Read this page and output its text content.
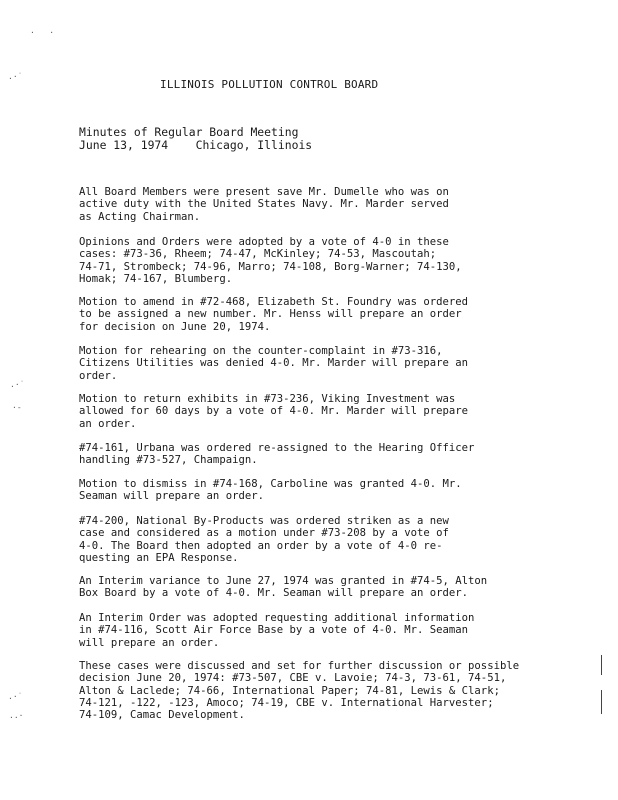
·   ·
.·˙
.·˙
·-
.·˙
..·
ILLINOIS POLLUTION CONTROL BOARD
Minutes of Regular Board Meeting
June 13, 1974    Chicago, Illinois
All Board Members were present save Mr. Dumelle who was on
active duty with the United States Navy. Mr. Marder served
as Acting Chairman.
Opinions and Orders were adopted by a vote of 4-0 in these
cases: #73-36, Rheem; 74-47, McKinley; 74-53, Mascoutah;
74-71, Strombeck; 74-96, Marro; 74-108, Borg-Warner; 74-130,
Homak; 74-167, Blumberg.
Motion to amend in #72-468, Elizabeth St. Foundry was ordered
to be assigned a new number. Mr. Henss will prepare an order
for decision on June 20, 1974.
Motion for rehearing on the counter-complaint in #73-316,
Citizens Utilities was denied 4-0. Mr. Marder will prepare an
order.
Motion to return exhibits in #73-236, Viking Investment was
allowed for 60 days by a vote of 4-0. Mr. Marder will prepare
an order.
#74-161, Urbana was ordered re-assigned to the Hearing Officer
handling #73-527, Champaign.
Motion to dismiss in #74-168, Carboline was granted 4-0. Mr.
Seaman will prepare an order.
#74-200, National By-Products was ordered striken as a new
case and considered as a motion under #73-208 by a vote of
4-0. The Board then adopted an order by a vote of 4-0 re-
questing an EPA Response.
An Interim variance to June 27, 1974 was granted in #74-5, Alton
Box Board by a vote of 4-0. Mr. Seaman will prepare an order.
An Interim Order was adopted requesting additional information
in #74-116, Scott Air Force Base by a vote of 4-0. Mr. Seaman
will prepare an order.
These cases were discussed and set for further discussion or possible
decision June 20, 1974: #73-507, CBE v. Lavoie; 74-3, 73-61, 74-51,
Alton & Laclede; 74-66, International Paper; 74-81, Lewis & Clark;
74-121, -122, -123, Amoco; 74-19, CBE v. International Harvester;
74-109, Camac Development.
